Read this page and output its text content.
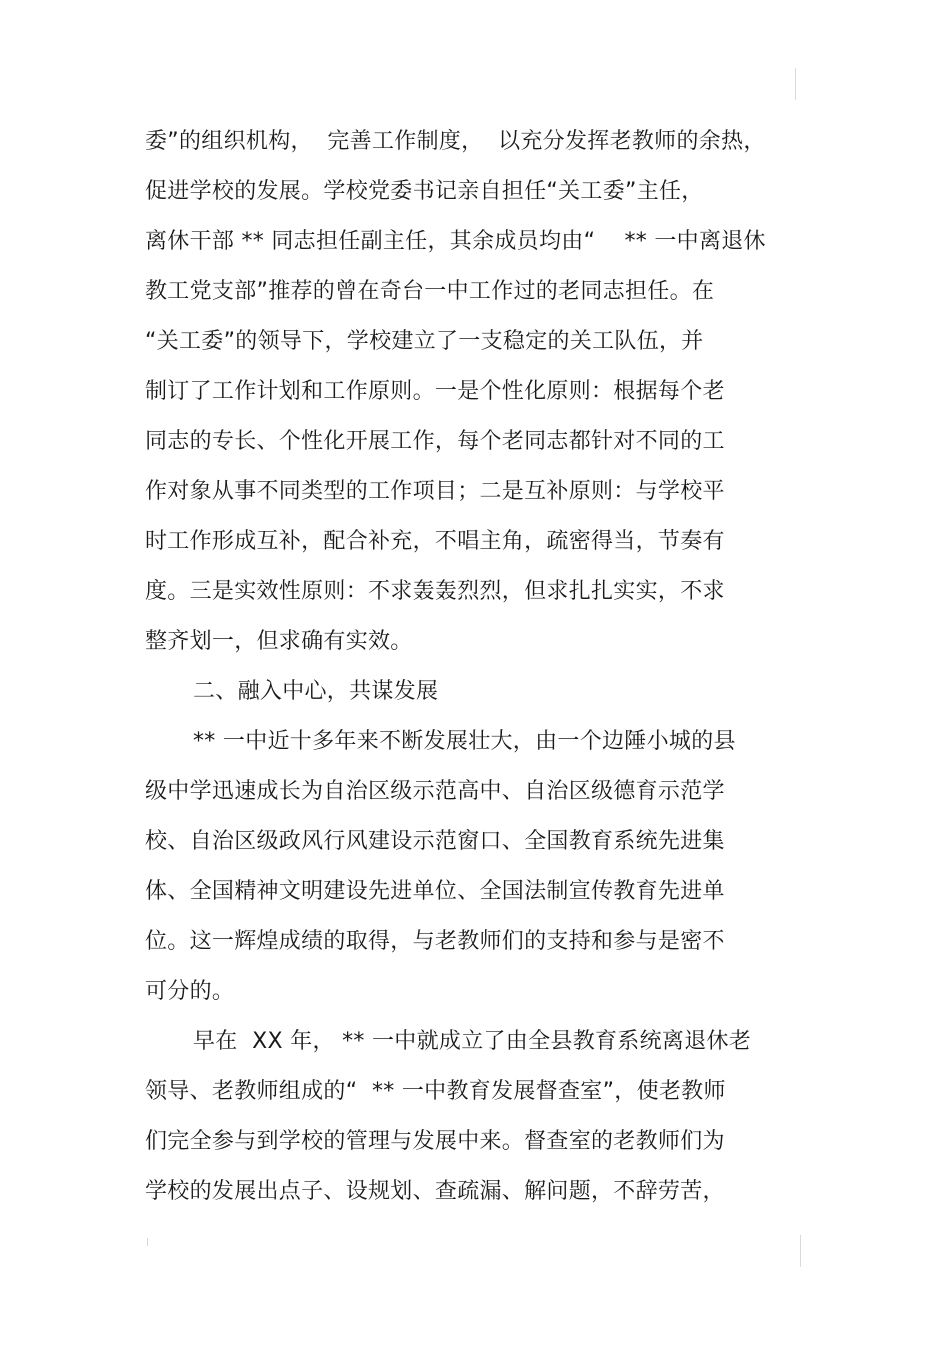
委”的组织机构，  完善工作制度，  以充分发挥老教师的余热，
促进学校的发展。学校党委书记亲自担任“关工委”主任，
离休干部 ** 同志担任副主任，其余成员均由“    ** 一中离退休
教工党支部”推荐的曾在奇台一中工作过的老同志担任。在
“关工委”的领导下，学校建立了一支稳定的关工队伍，并
制订了工作计划和工作原则。一是个性化原则：根据每个老
同志的专长、个性化开展工作，每个老同志都针对不同的工
作对象从事不同类型的工作项目；二是互补原则：与学校平
时工作形成互补，配合补充，不唱主角，疏密得当，节奏有
度。三是实效性原则：不求轰轰烈烈，但求扎扎实实，不求
整齐划一，但求确有实效。
二、融入中心，共谋发展
** 一中近十多年来不断发展壮大，由一个边陲小城的县
级中学迅速成长为自治区级示范高中、自治区级德育示范学
校、自治区级政风行风建设示范窗口、全国教育系统先进集
体、全国精神文明建设先进单位、全国法制宣传教育先进单
位。这一辉煌成绩的取得，与老教师们的支持和参与是密不
可分的。
早在  XX 年， ** 一中就成立了由全县教育系统离退休老
领导、老教师组成的“  ** 一中教育发展督查室”，使老教师
们完全参与到学校的管理与发展中来。督查室的老教师们为
学校的发展出点子、设规划、查疏漏、解问题，不辞劳苦，
